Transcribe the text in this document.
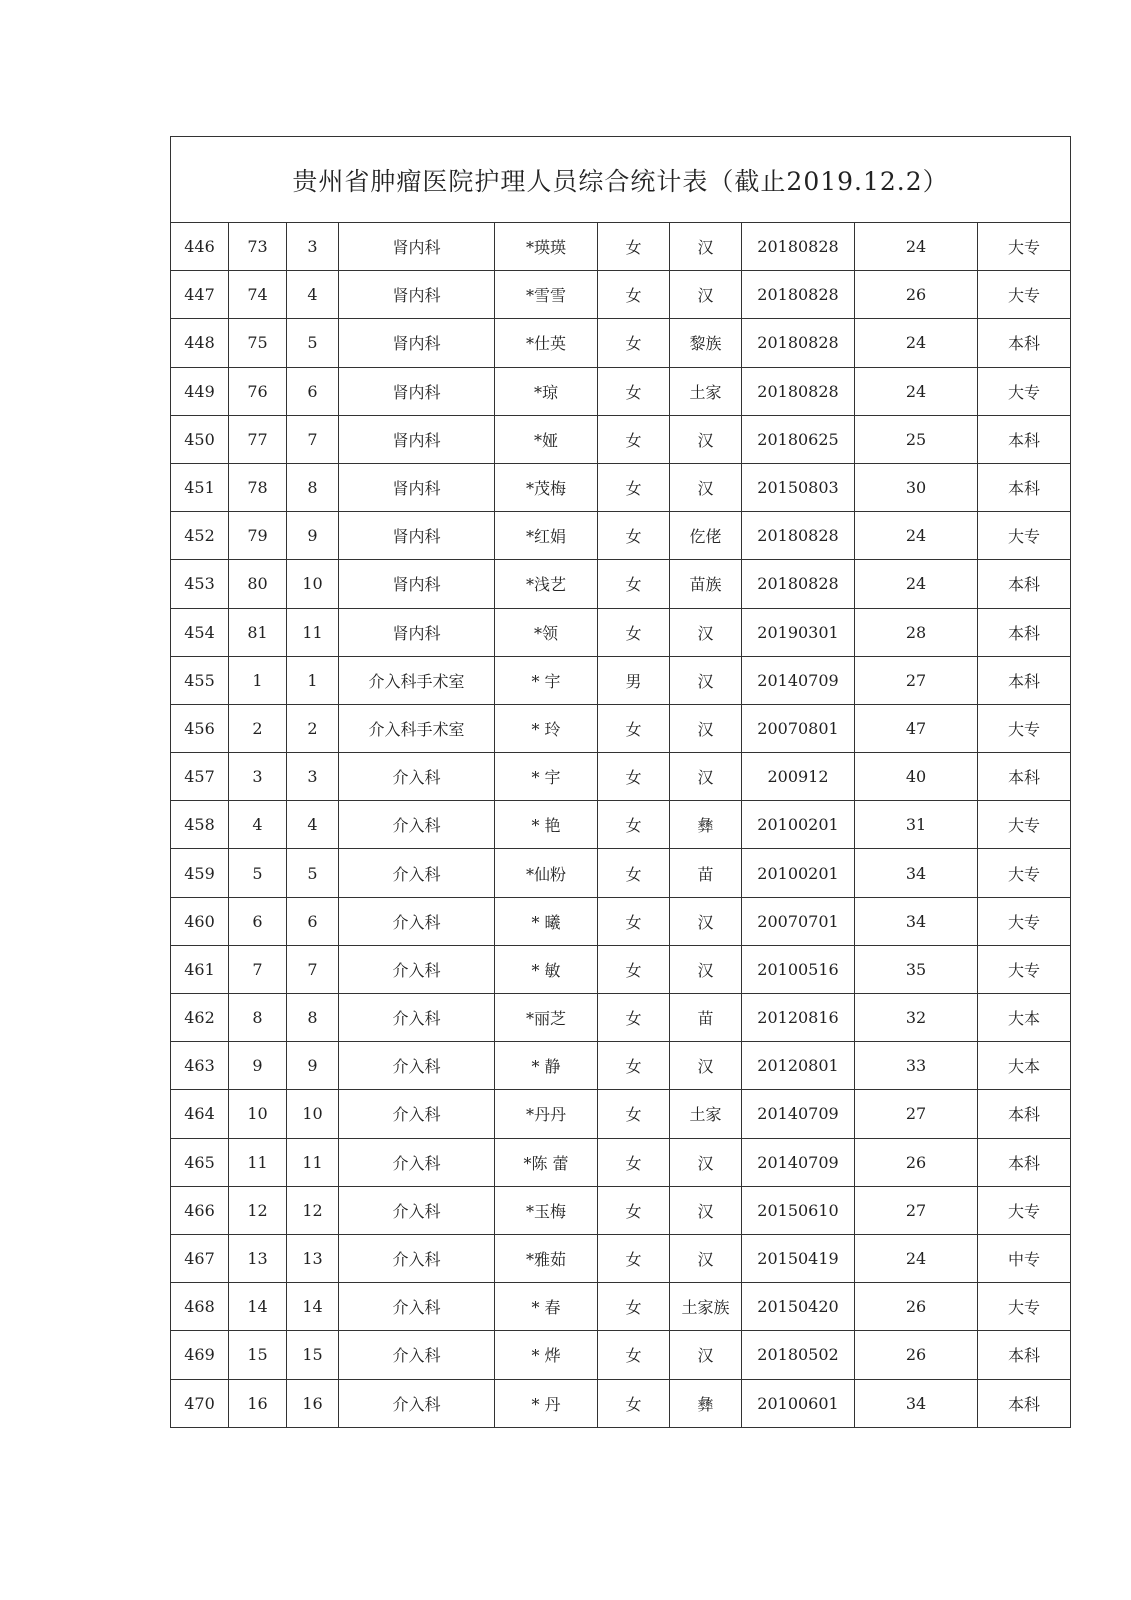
贵州省肿瘤医院护理人员综合统计表（截止2019.12.2）									
446	73	3	肾内科	*瑛瑛	女	汉	20180828	24	大专
447	74	4	肾内科	*雪雪	女	汉	20180828	26	大专
448	75	5	肾内科	*仕英	女	黎族	20180828	24	本科
449	76	6	肾内科	*琼	女	土家	20180828	24	大专
450	77	7	肾内科	*娅	女	汉	20180625	25	本科
451	78	8	肾内科	*茂梅	女	汉	20150803	30	本科
452	79	9	肾内科	*红娟	女	仡佬	20180828	24	大专
453	80	10	肾内科	*浅艺	女	苗族	20180828	24	本科
454	81	11	肾内科	*领	女	汉	20190301	28	本科
455	1	1	介入科手术室	* 宇	男	汉	20140709	27	本科
456	2	2	介入科手术室	* 玲	女	汉	20070801	47	大专
457	3	3	介入科	* 宇	女	汉	200912	40	本科
458	4	4	介入科	* 艳	女	彝	20100201	31	大专
459	5	5	介入科	*仙粉	女	苗	20100201	34	大专
460	6	6	介入科	* 曦	女	汉	20070701	34	大专
461	7	7	介入科	* 敏	女	汉	20100516	35	大专
462	8	8	介入科	*丽芝	女	苗	20120816	32	大本
463	9	9	介入科	* 静	女	汉	20120801	33	大本
464	10	10	介入科	*丹丹	女	土家	20140709	27	本科
465	11	11	介入科	*陈 蕾	女	汉	20140709	26	本科
466	12	12	介入科	*玉梅	女	汉	20150610	27	大专
467	13	13	介入科	*雅茹	女	汉	20150419	24	中专
468	14	14	介入科	* 春	女	土家族	20150420	26	大专
469	15	15	介入科	* 烨	女	汉	20180502	26	本科
470	16	16	介入科	* 丹	女	彝	20100601	34	本科
